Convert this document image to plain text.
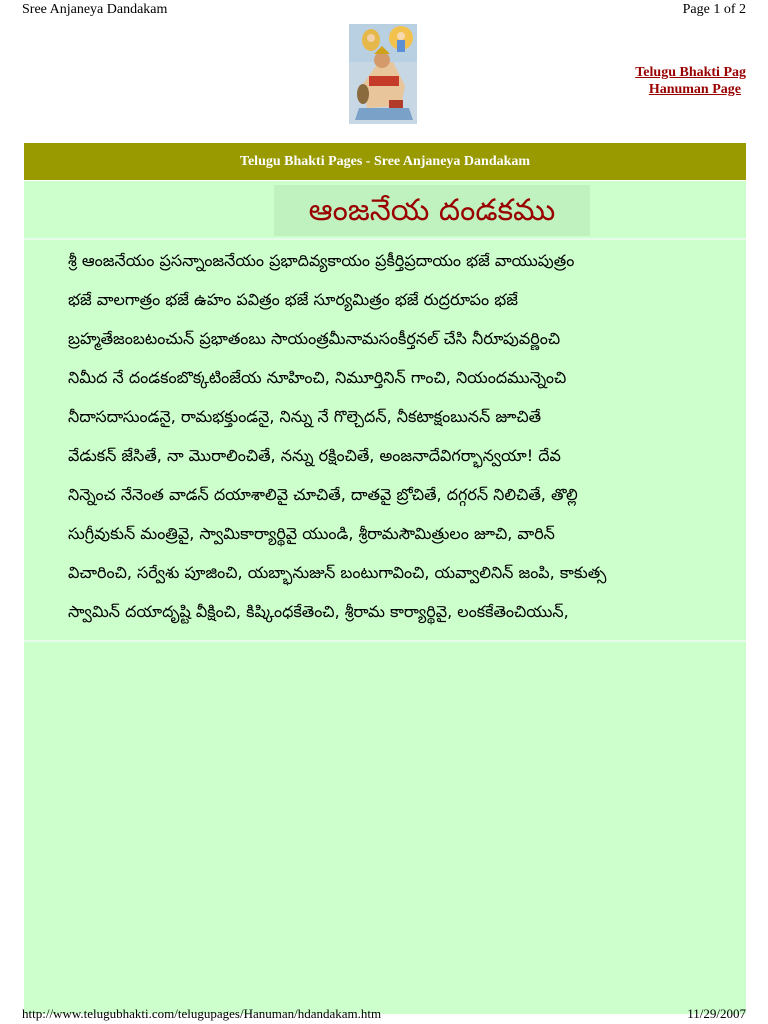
Sree Anjaneya Dandakam	Page 1 of 2
Telugu Bhakti Pag
Hanuman Page
Telugu Bhakti Pages - Sree Anjaneya Dandakam
ఆంజనేయ దండకము
శ్రీ ఆంజనేయం ప్రసన్నాంజనేయం ప్రభాదివ్యకాయం ప్రకీర్తిప్రదాయం భజే వాయుపుత్రం
భజే వాలగాత్రం భజే ఉహం పవిత్రం భజే సూర్యమిత్రం భజే రుద్రరూపం భజే
బ్రహ్మతేజంబటంచున్ ప్రభాతంబు సాయంత్రమీనామసంకీర్తనల్ చేసి నీరూపువర్ణించి
నిమీద నే దండకంబొక్కటింజేయ నూహించి, నిమూర్తినిన్ గాంచి, నియందమున్నెంచి
నీదాసదాసుండనై, రామభక్తుండనై, నిన్ను నే గొల్చెదన్, నీకటాక్షంబునన్ జూచితే
వేడుకన్ జేసితే, నా మొరాలించితే, నన్ను రక్షించితే, అంజనాదేవిగర్భాన్వయా! దేవ
నిన్నెంచ నేనెంత వాడన్ దయాశాలివై చూచితే, దాతవై బ్రోచితే, దగ్గరన్ నిలిచితే, తొల్లి
సుగ్రీవుకున్ మంత్రివై, స్వామికార్యార్థివై యుండి, శ్రీరామసౌమిత్రులం జూచి, వారిన్
విచారించి, సర్వేశు పూజించి, యబ్భానుజున్ బంటుగావించి, యవ్వాలినిన్ జంపి, కాకుత్స
స్వామిన్ దయాదృష్టి వీక్షించి, కిష్కింధకేతెంచి, శ్రీరామ కార్యార్థివై, లంకకేతెంచియున్,
http://www.telugubhakti.com/telugupages/Hanuman/hdandakam.htm	11/29/2007
